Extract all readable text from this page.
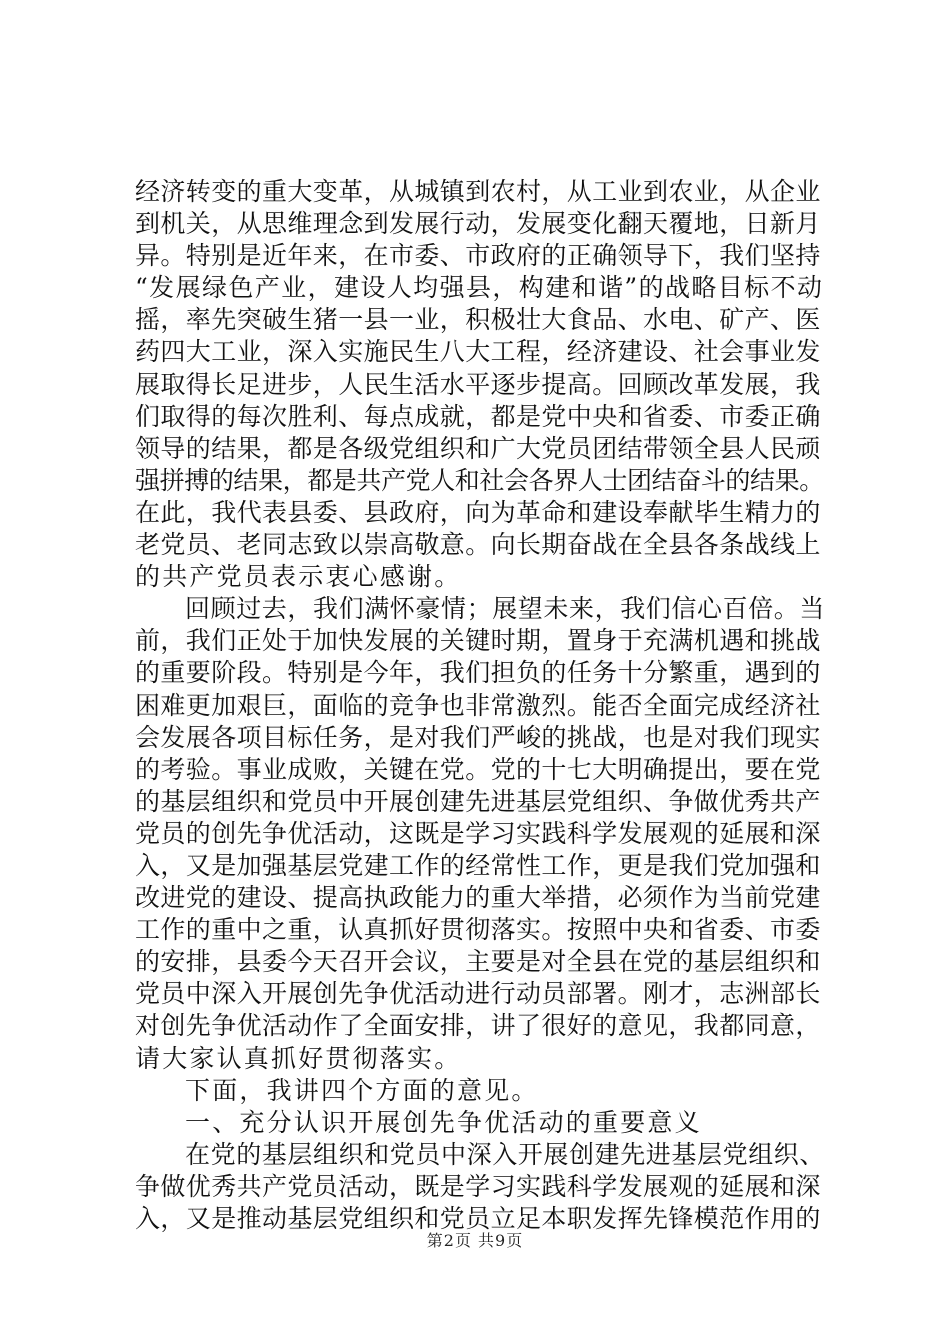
经济转变的重大变革，从城镇到农村，从工业到农业，从企业
到机关，从思维理念到发展行动，发展变化翻天覆地，日新月
异。特别是近年来，在市委、市政府的正确领导下，我们坚持
“发展绿色产业，建设人均强县，构建和谐”的战略目标不动
摇，率先突破生猪一县一业，积极壮大食品、水电、矿产、医
药四大工业，深入实施民生八大工程，经济建设、社会事业发
展取得长足进步，人民生活水平逐步提高。回顾改革发展，我
们取得的每次胜利、每点成就，都是党中央和省委、市委正确
领导的结果，都是各级党组织和广大党员团结带领全县人民顽
强拼搏的结果，都是共产党人和社会各界人士团结奋斗的结果。
在此，我代表县委、县政府，向为革命和建设奉献毕生精力的
老党员、老同志致以崇高敬意。向长期奋战在全县各条战线上
的共产党员表示衷心感谢。
回顾过去，我们满怀豪情；展望未来，我们信心百倍。当
前，我们正处于加快发展的关键时期，置身于充满机遇和挑战
的重要阶段。特别是今年，我们担负的任务十分繁重，遇到的
困难更加艰巨，面临的竞争也非常激烈。能否全面完成经济社
会发展各项目标任务，是对我们严峻的挑战，也是对我们现实
的考验。事业成败，关键在党。党的十七大明确提出，要在党
的基层组织和党员中开展创建先进基层党组织、争做优秀共产
党员的创先争优活动，这既是学习实践科学发展观的延展和深
入，又是加强基层党建工作的经常性工作，更是我们党加强和
改进党的建设、提高执政能力的重大举措，必须作为当前党建
工作的重中之重，认真抓好贯彻落实。按照中央和省委、市委
的安排，县委今天召开会议，主要是对全县在党的基层组织和
党员中深入开展创先争优活动进行动员部署。刚才，志洲部长
对创先争优活动作了全面安排，讲了很好的意见，我都同意，
请大家认真抓好贯彻落实。
下面，我讲四个方面的意见。
一、充分认识开展创先争优活动的重要意义
在党的基层组织和党员中深入开展创建先进基层党组织、
争做优秀共产党员活动，既是学习实践科学发展观的延展和深
入，又是推动基层党组织和党员立足本职发挥先锋模范作用的
第2页 共9页
